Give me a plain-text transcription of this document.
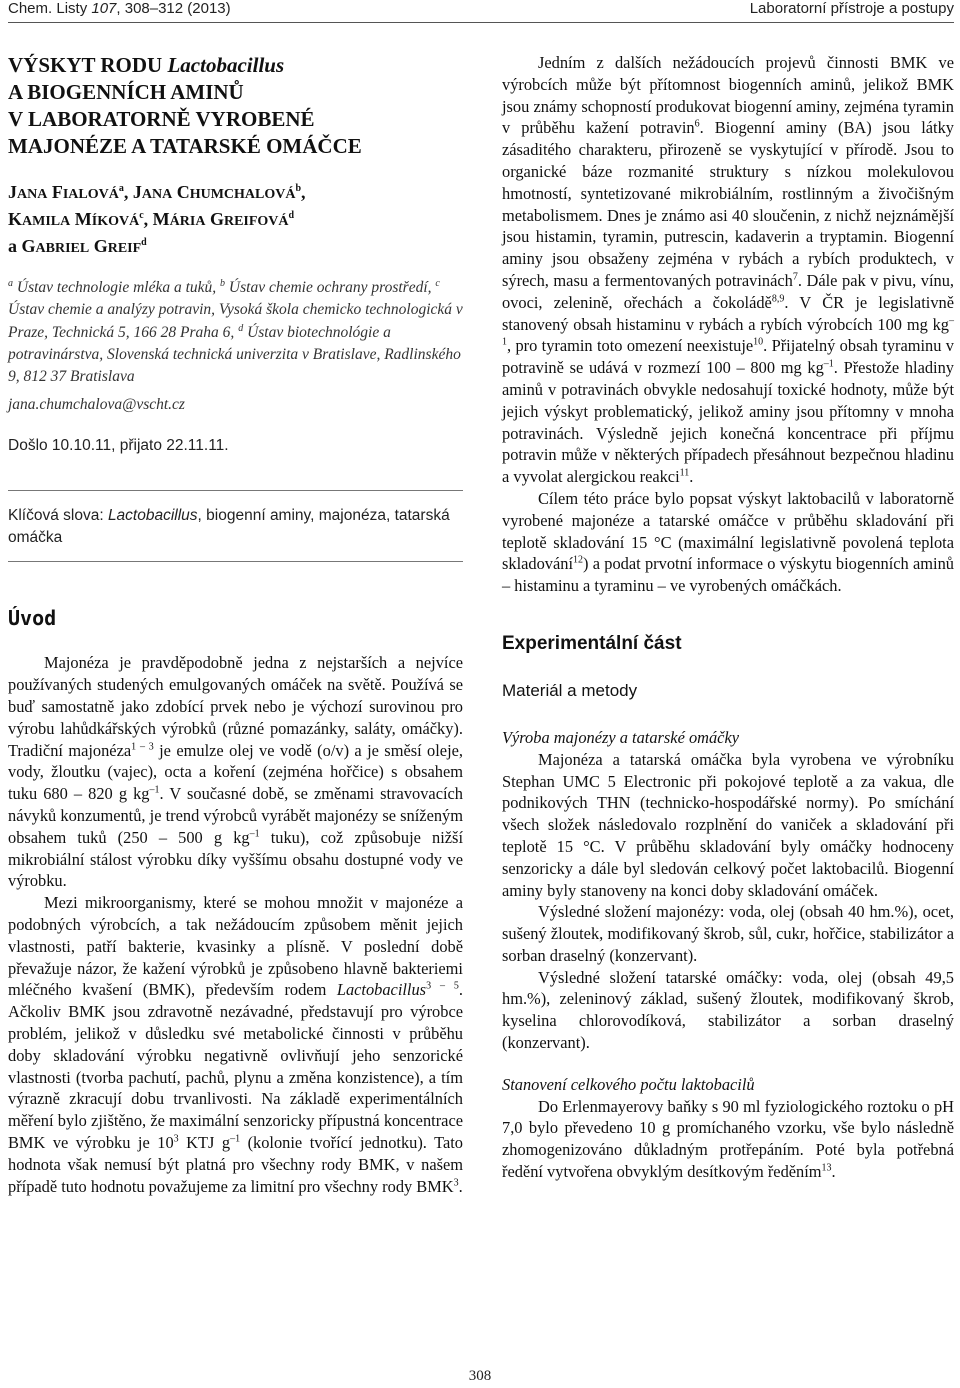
Chem. Listy 107, 308–312 (2013)	Laboratorní přístroje a postupy
VÝSKYT RODU Lactobacillus
A BIOGENNÍCH AMINŮ
V LABORATORNĚ VYROBENÉ
MAJONÉZE A TATARSKÉ OMÁČCE
JANA FIALOVÁ$^a$, JANA CHUMCHALOVÁ$^b$,
KAMILA MÍKOVÁ$^c$, MÁRIA GREIFOVÁ$^d$
a GABRIEL GREIF$^d$

$^a$ Ústav technologie mléka a tuků, $^b$ Ústav chemie ochrany prostředí, $^c$ Ústav chemie a analýzy potravin, Vysoká škola chemicko technologická v Praze, Technická 5, 166 28 Praha 6, $^d$ Ústav biotechnológie a potravinárstva, Slovenská technická univerzita v Bratislave, Radlinského 9, 812 37 Bratislava

jana.chumchalova@vscht.cz

Došlo 10.10.11, přijato 22.11.11.

Klíčová slova: Lactobacillus, biogenní aminy, majonéza, tatarská omáčka

Úvod

Majonéza je pravděpodobně jedna z nejstarších a nejvíce používaných studených emulgovaných omáček na světě. Používá se buď samostatně jako zdobící prvek nebo je výchozí surovinou pro výrobu lahůdkářských výrobků (různé pomazánky, saláty, omáčky). Tradiční majonéza$^{1 - 3}$ je emulze olej ve vodě (o/v) a je směsí oleje, vody, žloutku (vajec), octa a koření (zejména hořčice) s obsahem tuku 680 – 820 g $kg^{-1}$. V současné době, se změnami stravovacích návyků konzumentů, je trend výrobců vyrábět majonézy se sníženým obsahem tuků (250 – 500 g $kg^{-1}$ tuku), což způsobuje nižší mikrobiální stálost výrobku díky vyššímu obsahu dostupné vody ve výrobku.

Mezi mikroorganismy, které se mohou množit v majonéze a podobných výrobcích, a tak nežádoucím způsobem měnit jejich vlastnosti, patří bakterie, kvasinky a plísně. V poslední době převažuje názor, že kažení výrobků je způsobeno hlavně bakteriemi mléčného kvašení (BMK), především rodem Lactobacillus$^{3 - 5}$. Ačkoliv BMK jsou zdravotně nezávadné, představují pro výrobce problém, jelikož v důsledku své metabolické činnosti v průběhu doby skladování výrobku negativně ovlivňují jeho senzorické vlastnosti (tvorba pachutí, pachů, plynu a změna konzistence), a tím výrazně zkracují dobu trvanlivosti. Na základě experimentálních měření bylo zjištěno, že maximální senzoricky přípustná koncentrace BMK ve výrobku je $10^3$ KTJ $g^{-1}$ (kolonie tvořící jednotku). Tato hodnota však nemusí být platná pro všechny rody BMK, v našem případě tuto hodnotu považujeme za limitní pro všechny rody BMK$^3$.

Jedním z dalších nežádoucích projevů činnosti BMK ve výrobcích může být přítomnost biogenních aminů, jelikož BMK jsou známy schopností produkovat biogenní aminy, zejména tyramin v průběhu kažení potravin$^6$. Biogenní aminy (BA) jsou látky zásaditého charakteru, přirozeně se vyskytující v přírodě. Jsou to organické báze rozmanité struktury s nízkou molekulovou hmotností, syntetizované mikrobiálním, rostlinným a živočišným metabolismem. Dnes je známo asi 40 sloučenin, z nichž nejznámější jsou histamin, tyramin, putrescin, kadaverin a tryptamin. Biogenní aminy jsou obsaženy zejména v rybách a rybích produktech, v sýrech, masu a fermentovaných potravinách$^7$. Dále pak v pivu, vínu, ovoci, zelenině, ořechách a čokoládě$^{8,9}$. V ČR je legislativně stanovený obsah histaminu v rybách a rybích výrobcích 100 mg $kg^{-1}$, pro tyramin toto omezení neexistuje$^{10}$. Přijatelný obsah tyraminu v potravině se udává v rozmezí 100 – 800 mg $kg^{-1}$. Přestože hladiny aminů v potravinách obvykle nedosahují toxické hodnoty, může být jejich výskyt problematický, jelikož aminy jsou přítomny v mnoha potravinách. Výsledně jejich konečná koncentrace při příjmu potravin může v některých případech přesáhnout bezpečnou hladinu a vyvolat alergickou reakci$^{11}$.

Cílem této práce bylo popsat výskyt laktobacilů v laboratorně vyrobené majonéze a tatarské omáčce v průběhu skladování při teplotě skladování 15 °C (maximální legislativně povolená teplota skladování$^{12}$) a podat prvotní informace o výskytu biogenních aminů – histaminu a tyraminu – ve vyrobených omáčkách.

Experimentální část
Materiál a metody

Výroba majonézy a tatarské omáčky

Majonéza a tatarská omáčka byla vyrobena ve výrobníku Stephan UMC 5 Electronic při pokojové teplotě a za vakua, dle podnikových THN (technicko-hospodářské normy). Po smíchání všech složek následovalo rozplnění do vaniček a skladování při teplotě 15 °C. V průběhu skladování byly omáčky hodnoceny senzoricky a dále byl sledován celkový počet laktobacilů. Biogenní aminy byly stanoveny na konci doby skladování omáček.

Výsledné složení majonézy: voda, olej (obsah 40 hm.%), ocet, sušený žloutek, modifikovaný škrob, sůl, cukr, hořčice, stabilizátor a sorban draselný (konzervant).

Výsledné složení tatarské omáčky: voda, olej (obsah 49,5 hm.%), zeleninový základ, sušený žloutek, modifikovaný škrob, kyselina chlorovodíková, stabilizátor a sorban draselný (konzervant).

Stanovení celkového počtu laktobacilů

Do Erlenmayerovy baňky s 90 ml fyziologického roztoku o pH 7,0 bylo převedeno 10 g promíchaného vzorku, vše bylo následně zhomogenizováno důkladným protřepáním. Poté byla potřebná ředění vytvořena obvyklým desítkovým ředěním$^{13}$.

308
